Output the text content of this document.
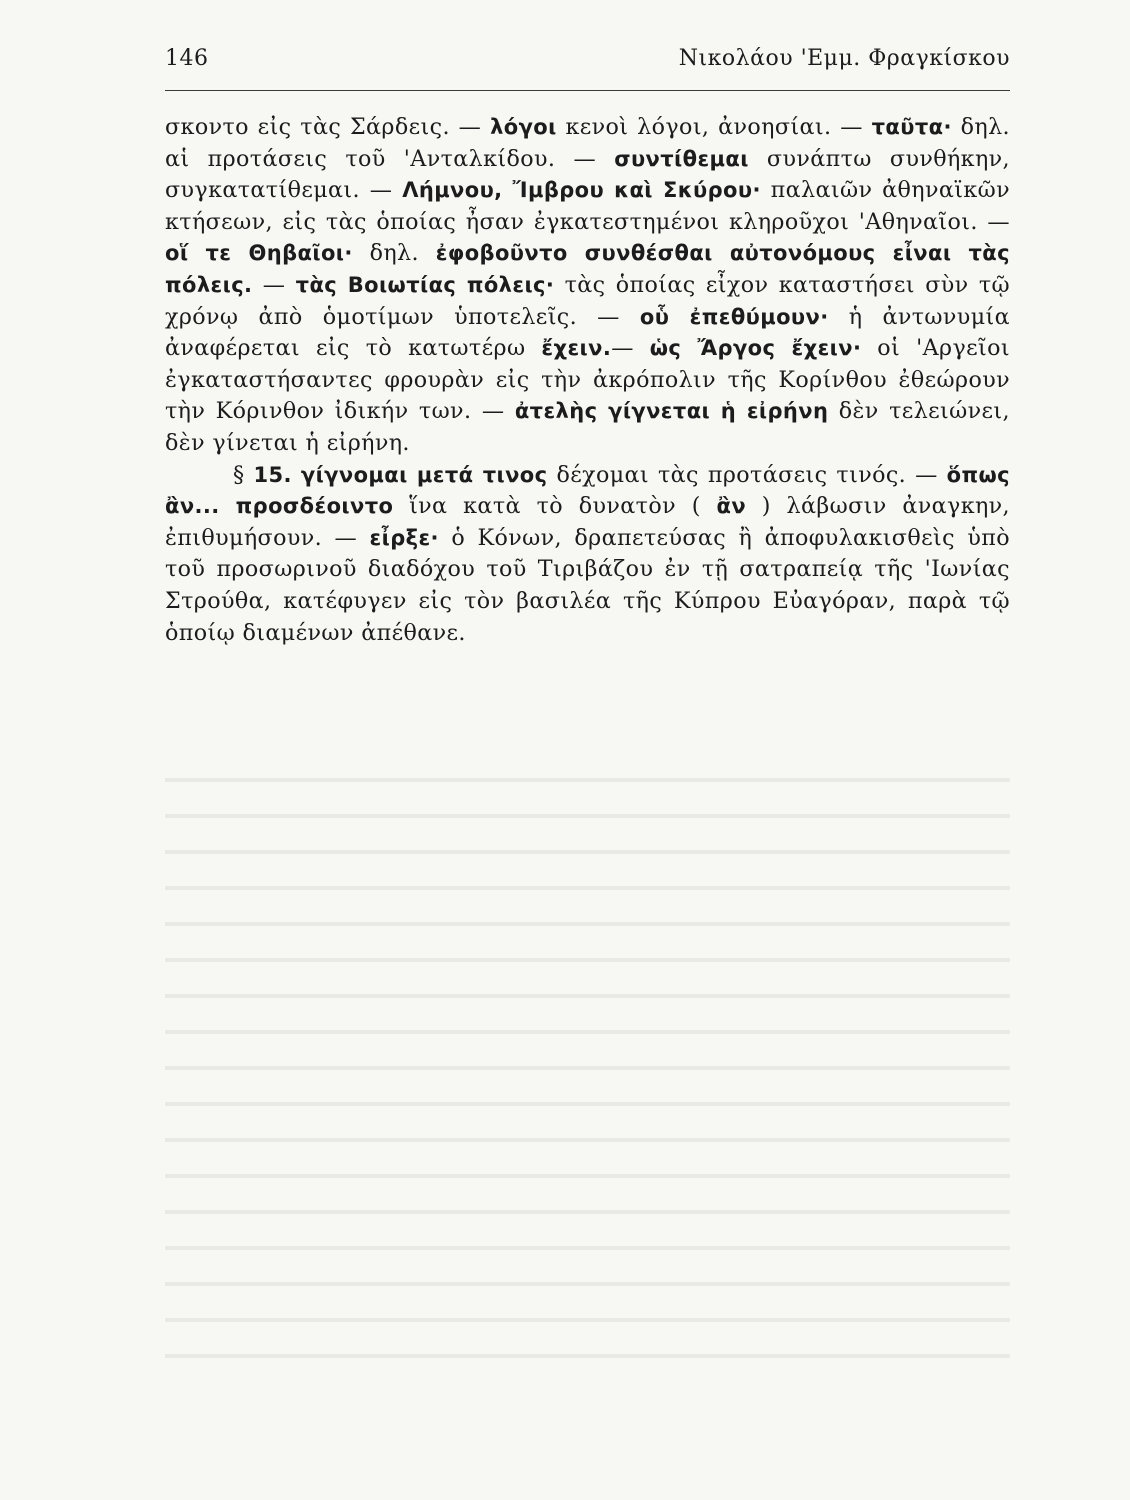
146	Νικολάου 'Εμμ. Φραγκίσκου

σκοντο εἰς τὰς Σάρδεις. — λόγοι κενοὶ λόγοι, ἀνοησίαι. — ταῦτα· δηλ. αἱ προτάσεις τοῦ 'Ανταλκίδου. — συντίθεμαι συνάπτω συνθήκην, συγκατατίθεμαι. — Λήμνου, Ἴμβρου καὶ Σκύρου· παλαιῶν ἀθηναϊκῶν κτήσεων, εἰς τὰς ὁποίας ἦσαν ἐγκατεστημένοι κληροῦχοι 'Αθηναῖοι. — οἵ τε Θηβαῖοι· δηλ. ἐφοβοῦντο συνθέσθαι αὐτονόμους εἶναι τὰς πόλεις. — τὰς Βοιωτίας πόλεις· τὰς ὁποίας εἶχον καταστήσει σὺν τῷ χρόνῳ ἀπὸ ὁμοτίμων ὑποτελεῖς. — οὗ ἐπεθύμουν· ἡ ἀντωνυμία ἀναφέρεται εἰς τὸ κατωτέρω ἔχειν.— ὡς Ἄργος ἔχειν· οἱ 'Αργεῖοι ἐγκαταστήσαντες φρουρὰν εἰς τὴν ἀκρόπολιν τῆς Κορίνθου ἐθεώρουν τὴν Κόρινθον ἰδικήν των. — ἀτελὴς γίγνεται ἡ εἰρήνη δὲν τελειώνει, δὲν γίνεται ἡ εἰρήνη.

§ 15. γίγνομαι μετά τινος δέχομαι τὰς προτάσεις τινός. — ὅπως ἂν... προσδέοιντο ἵνα κατὰ τὸ δυνατὸν ( ἂν ) λάβωσιν ἀναγκην, ἐπιθυμήσουν. — εἶρξε· ὁ Κόνων, δραπετεύσας ἢ ἀποφυλακισθεὶς ὑπὸ τοῦ προσωρινοῦ διαδόχου τοῦ Τιριβάζου ἐν τῇ σατραπείᾳ τῆς 'Ιωνίας Στρούθα, κατέφυγεν εἰς τὸν βασιλέα τῆς Κύπρου Εὐαγόραν, παρὰ τῷ ὁποίῳ διαμένων ἀπέθανε.
